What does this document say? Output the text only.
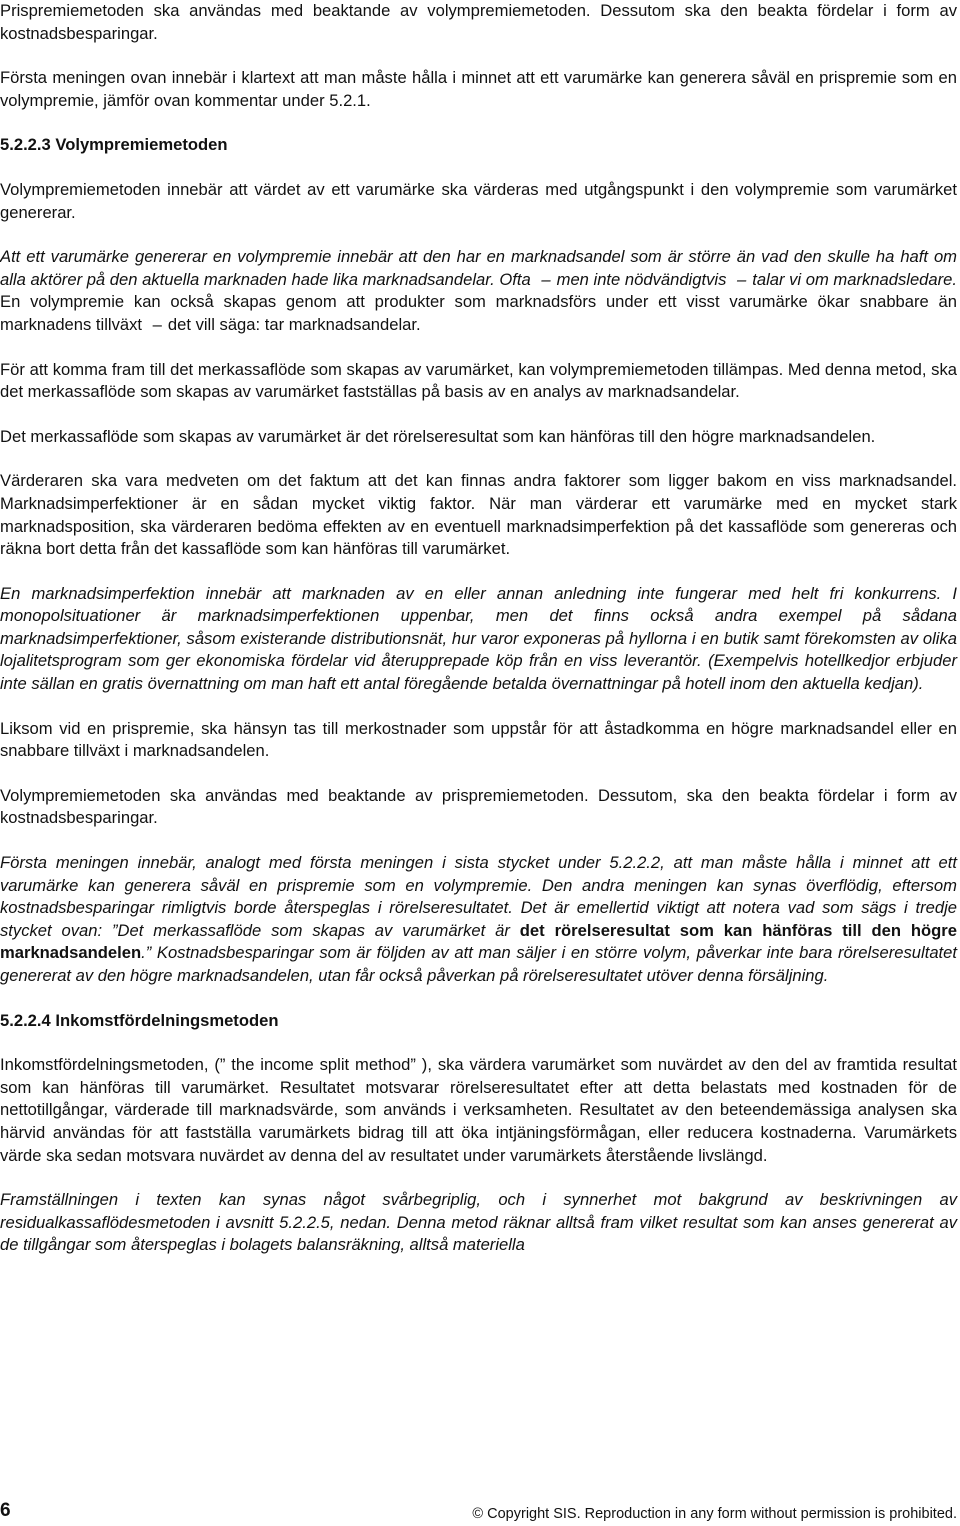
Prispremiemetoden ska användas med beaktande av volympremiemetoden. Dessutom ska den beakta fördelar i form av kostnadsbesparingar.

Första meningen ovan innebär i klartext att man måste hålla i minnet att ett varumärke kan generera såväl en prispremie som en volympremie, jämför ovan kommentar under 5.2.1.

5.2.2.3 Volympremiemetoden

Volympremiemetoden innebär att värdet av ett varumärke ska värderas med utgångspunkt i den volympremie som varumärket genererar.

Att ett varumärke genererar en volympremie innebär att den har en marknadsandel som är större än vad den skulle ha haft om alla aktörer på den aktuella marknaden hade lika marknadsandelar. Ofta – men inte nödvändigtvis – talar vi om marknadsledare. En volympremie kan också skapas genom att produkter som marknadsförs under ett visst varumärke ökar snabbare än marknadens tillväxt – det vill säga: tar marknadsandelar.

För att komma fram till det merkassaflöde som skapas av varumärket, kan volympremiemetoden tillämpas. Med denna metod, ska det merkassaflöde som skapas av varumärket fastställas på basis av en analys av marknadsandelar.

Det merkassaflöde som skapas av varumärket är det rörelseresultat som kan hänföras till den högre marknadsandelen.

Värderaren ska vara medveten om det faktum att det kan finnas andra faktorer som ligger bakom en viss marknadsandel. Marknadsimperfektioner är en sådan mycket viktig faktor. När man värderar ett varumärke med en mycket stark marknadsposition, ska värderaren bedöma effekten av en eventuell marknadsimperfektion på det kassaflöde som genereras och räkna bort detta från det kassaflöde som kan hänföras till varumärket.

En marknadsimperfektion innebär att marknaden av en eller annan anledning inte fungerar med helt fri konkurrens. I monopolsituationer är marknadsimperfektionen uppenbar, men det finns också andra exempel på sådana marknadsimperfektioner, såsom existerande distributionsnät, hur varor exponeras på hyllorna i en butik samt förekomsten av olika lojalitetsprogram som ger ekonomiska fördelar vid återupprepade köp från en viss leverantör. (Exempelvis hotellkedjor erbjuder inte sällan en gratis övernattning om man haft ett antal föregående betalda övernattningar på hotell inom den aktuella kedjan).

Liksom vid en prispremie, ska hänsyn tas till merkostnader som uppstår för att åstadkomma en högre marknadsandel eller en snabbare tillväxt i marknadsandelen.

Volympremiemetoden ska användas med beaktande av prispremiemetoden. Dessutom, ska den beakta fördelar i form av kostnadsbesparingar.

Första meningen innebär, analogt med första meningen i sista stycket under 5.2.2.2, att man måste hålla i minnet att ett varumärke kan generera såväl en prispremie som en volympremie. Den andra meningen kan synas överflödig, eftersom kostnadsbesparingar rimligtvis borde återspeglas i rörelseresultatet. Det är emellertid viktigt att notera vad som sägs i tredje stycket ovan: ”Det merkassaflöde som skapas av varumärket är det rörelseresultat som kan hänföras till den högre marknadsandelen.” Kostnadsbesparingar som är följden av att man säljer i en större volym, påverkar inte bara rörelseresultatet genererat av den högre marknadsandelen, utan får också påverkan på rörelseresultatet utöver denna försäljning.

5.2.2.4 Inkomstfördelningsmetoden

Inkomstfördelningsmetoden, (” the income split method” ), ska värdera varumärket som nuvärdet av den del av framtida resultat som kan hänföras till varumärket. Resultatet motsvarar rörelseresultatet efter att detta belastats med kostnaden för de nettotillgångar, värderade till marknadsvärde, som används i verksamheten. Resultatet av den beteendemässiga analysen ska härvid användas för att fastställa varumärkets bidrag till att öka intjäningsförmågan, eller reducera kostnaderna. Varumärkets värde ska sedan motsvara nuvärdet av denna del av resultatet under varumärkets återstående livslängd.

Framställningen i texten kan synas något svårbegriplig, och i synnerhet mot bakgrund av beskrivningen av residualkassaflödesmetoden i avsnitt 5.2.2.5, nedan. Denna metod räknar alltså fram vilket resultat som kan anses genererat av de tillgångar som återspeglas i bolagets balansräkning, alltså materiella

6	© Copyright SIS. Reproduction in any form without permission is prohibited.
